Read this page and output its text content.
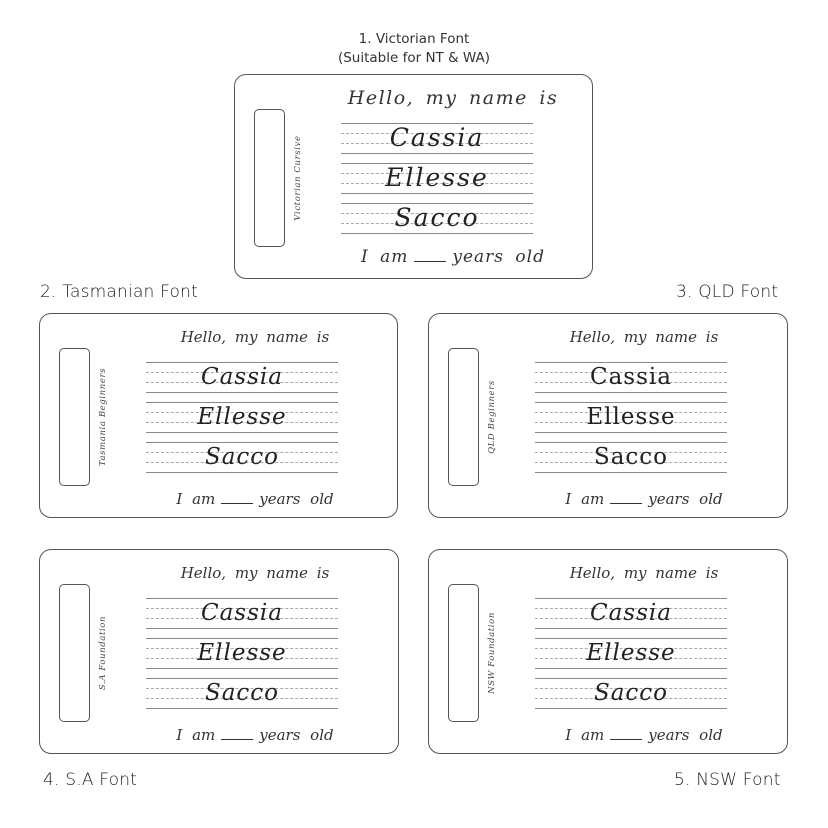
1. Victorian Font
(Suitable for NT & WA)
Victorian Cursive
Hello, my name is
Cassia
Ellesse
Sacco
I am	years old
2. Tasmanian Font	3. QLD Font
Tasmania Beginners
Hello, my name is
Cassia
Ellesse
Sacco
I am	years old
QLD Beginners
Hello, my name is
Cassia
Ellesse
Sacco
I am	years old
S.A Foundation
Hello, my name is
Cassia
Ellesse
Sacco
I am	years old
NSW Foundation
Hello, my name is
Cassia
Ellesse
Sacco
I am	years old
4. S.A Font	5. NSW Font
